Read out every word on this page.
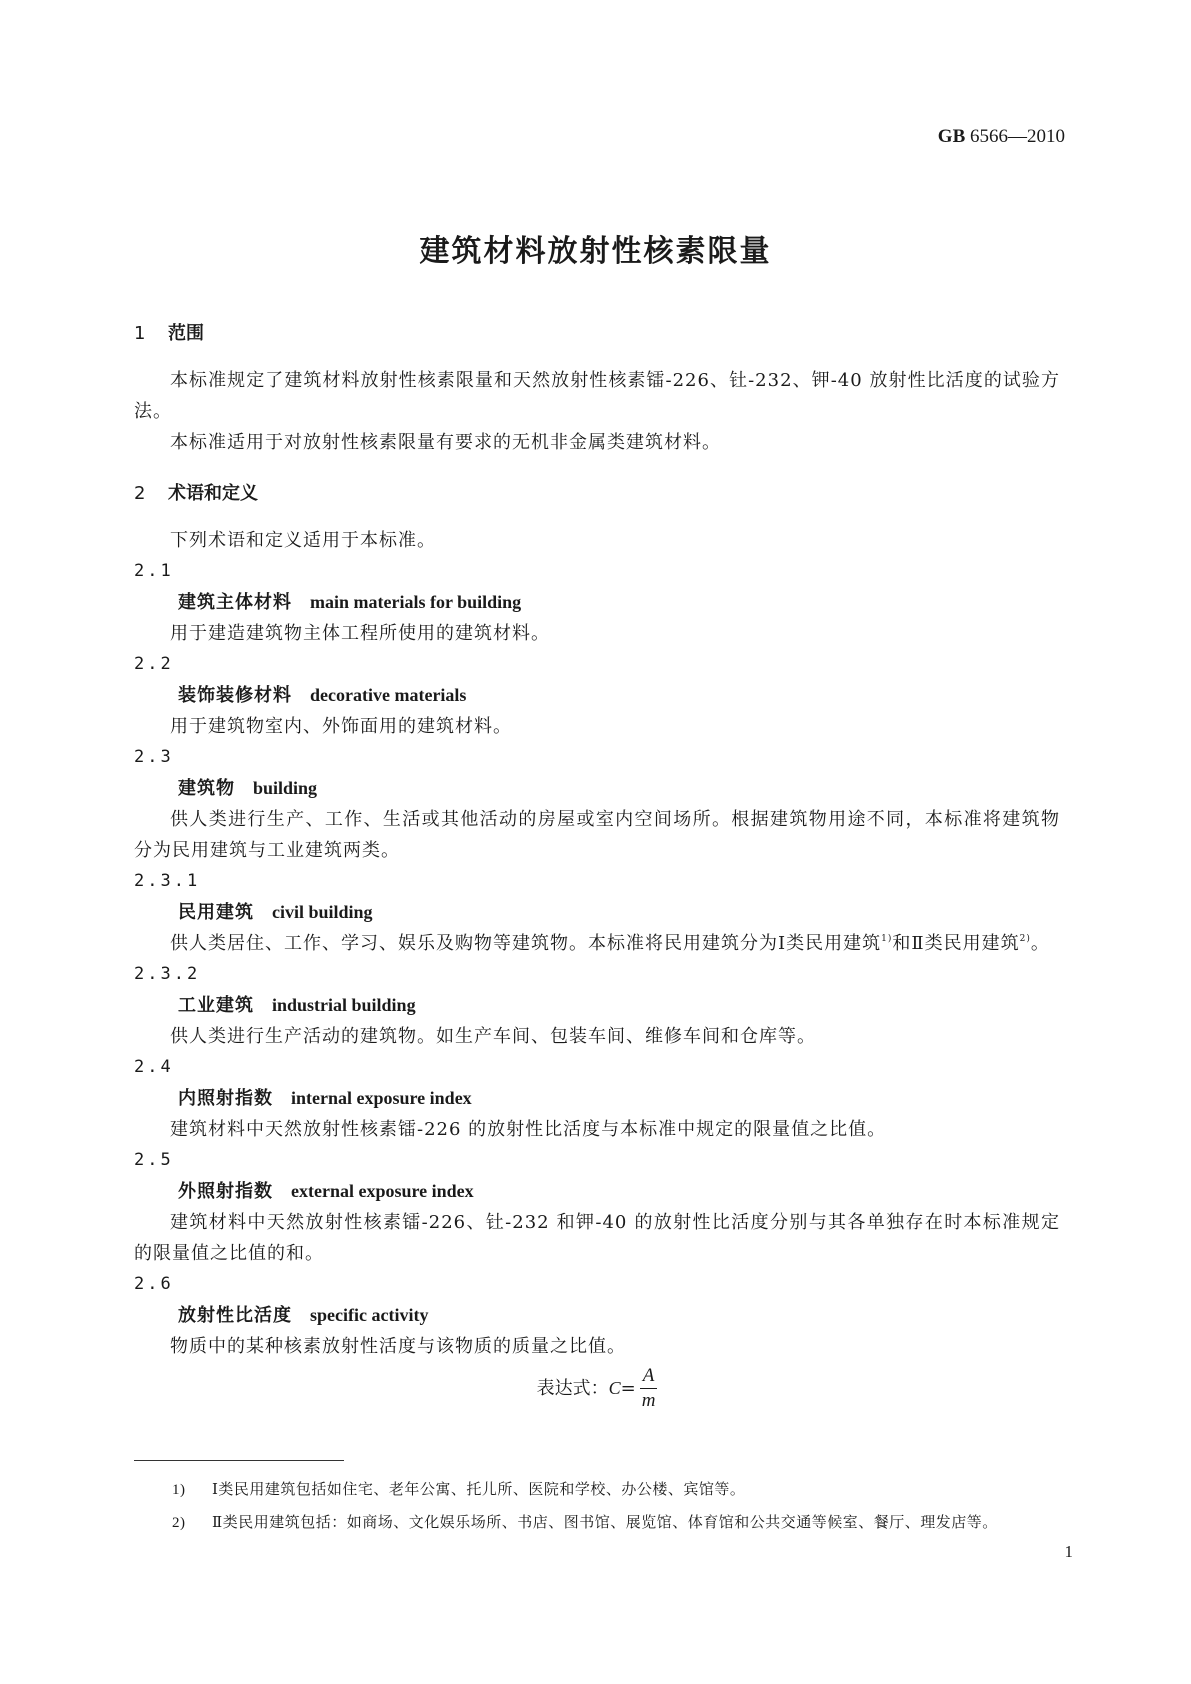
GB 6566—2010
建筑材料放射性核素限量
1 范围

本标准规定了建筑材料放射性核素限量和天然放射性核素镭-226、钍-232、钾-40 放射性比活度的试验方法。

本标准适用于对放射性核素限量有要求的无机非金属类建筑材料。

2 术语和定义

下列术语和定义适用于本标准。

2.1

建筑主体材料 main materials for building

用于建造建筑物主体工程所使用的建筑材料。

2.2

装饰装修材料 decorative materials

用于建筑物室内、外饰面用的建筑材料。

2.3

建筑物 building

供人类进行生产、工作、生活或其他活动的房屋或室内空间场所。根据建筑物用途不同，本标准将建筑物分为民用建筑与工业建筑两类。

2.3.1

民用建筑 civil building

供人类居住、工作、学习、娱乐及购物等建筑物。本标准将民用建筑分为Ⅰ类民用建筑$^{1)}$和Ⅱ类民用建筑$^{2)}$。

2.3.2

工业建筑 industrial building

供人类进行生产活动的建筑物。如生产车间、包装车间、维修车间和仓库等。

2.4

内照射指数 internal exposure index

建筑材料中天然放射性核素镭-226 的放射性比活度与本标准中规定的限量值之比值。

2.5

外照射指数 external exposure index

建筑材料中天然放射性核素镭-226、钍-232 和钾-40 的放射性比活度分别与其各单独存在时本标准规定的限量值之比值的和。

2.6

放射性比活度 specific activity

物质中的某种核素放射性活度与该物质的质量之比值。

表达式： $C = \frac{A}{m}$

1) Ⅰ类民用建筑包括如住宅、老年公寓、托儿所、医院和学校、办公楼、宾馆等。

2) Ⅱ类民用建筑包括：如商场、文化娱乐场所、书店、图书馆、展览馆、体育馆和公共交通等候室、餐厅、理发店等。

1
